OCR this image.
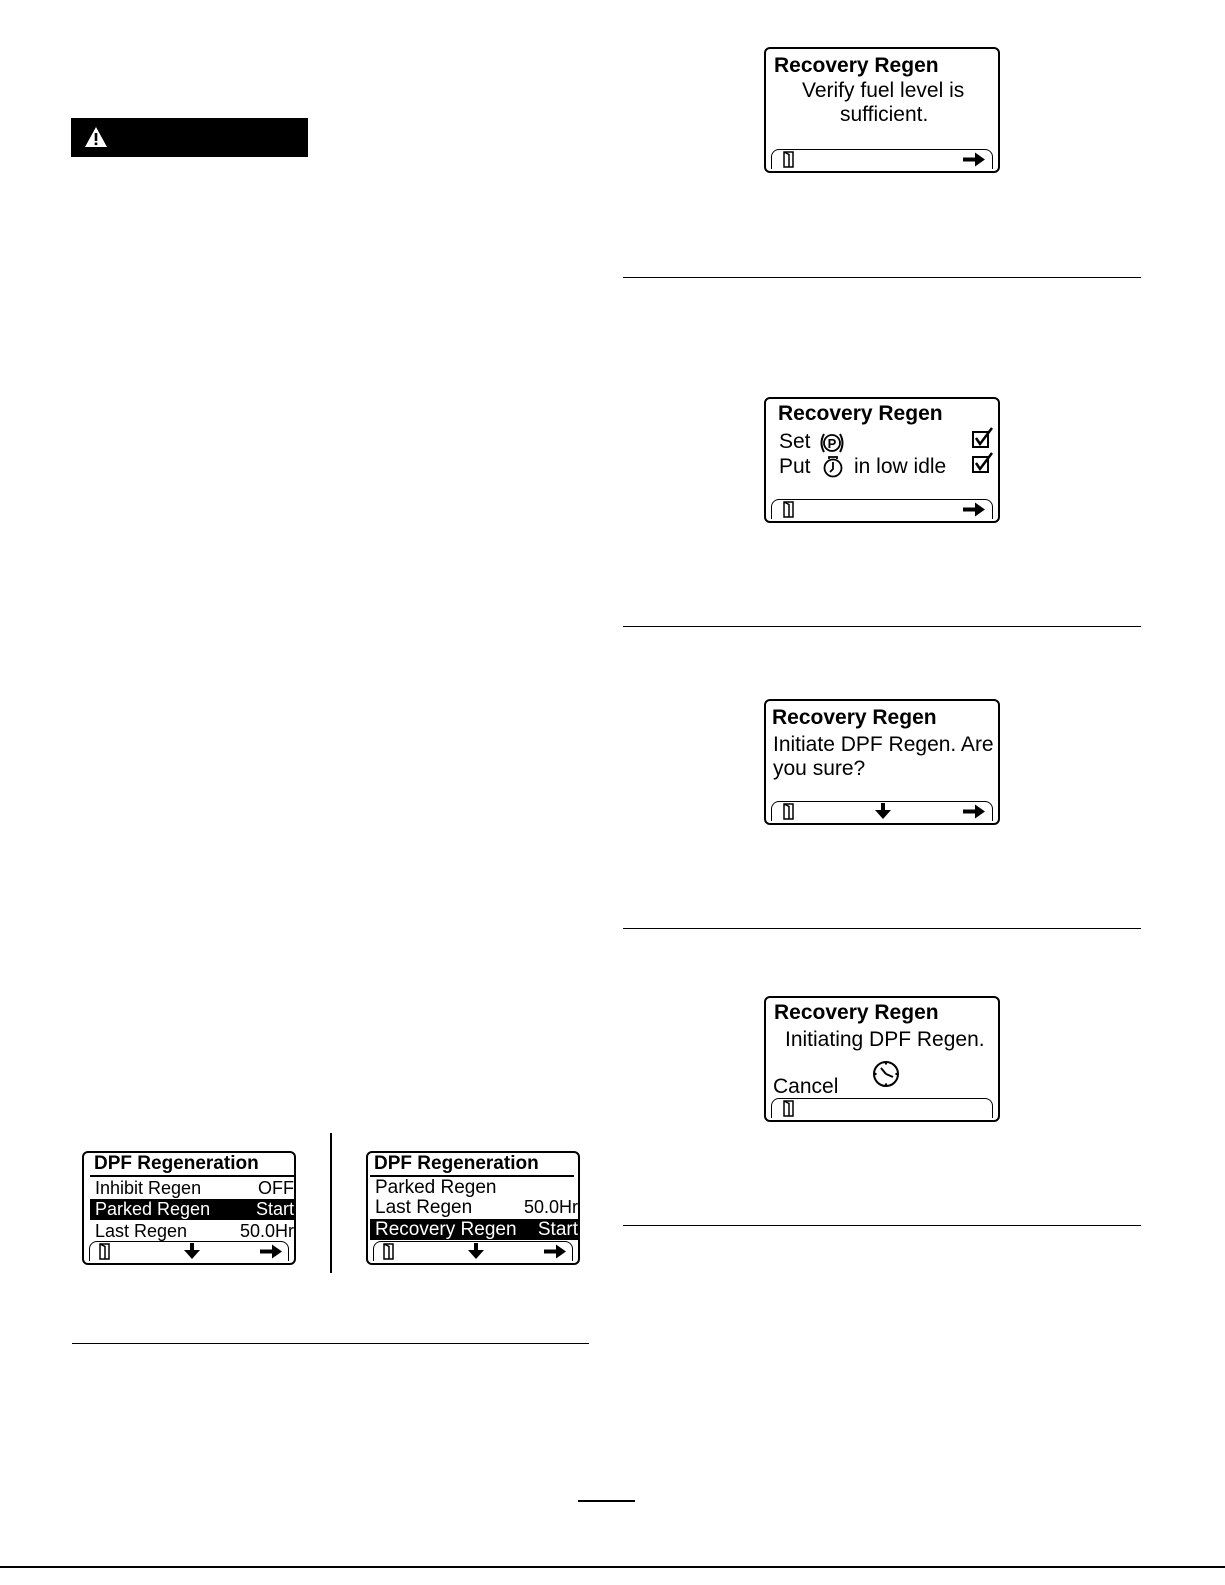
Recovery Regen
Verify fuel level is
sufficient.
Recovery Regen
Set P
Put in low idle
Recovery Regen
Initiate DPF Regen. Are
you sure?
Recovery Regen
Initiating DPF Regen.
Cancel
DPF Regeneration
Inhibit Regen	OFF
Parked Regen	Start
Last Regen	50.0Hr
DPF Regeneration
Parked Regen
Last Regen	50.0Hr
Recovery Regen Start
